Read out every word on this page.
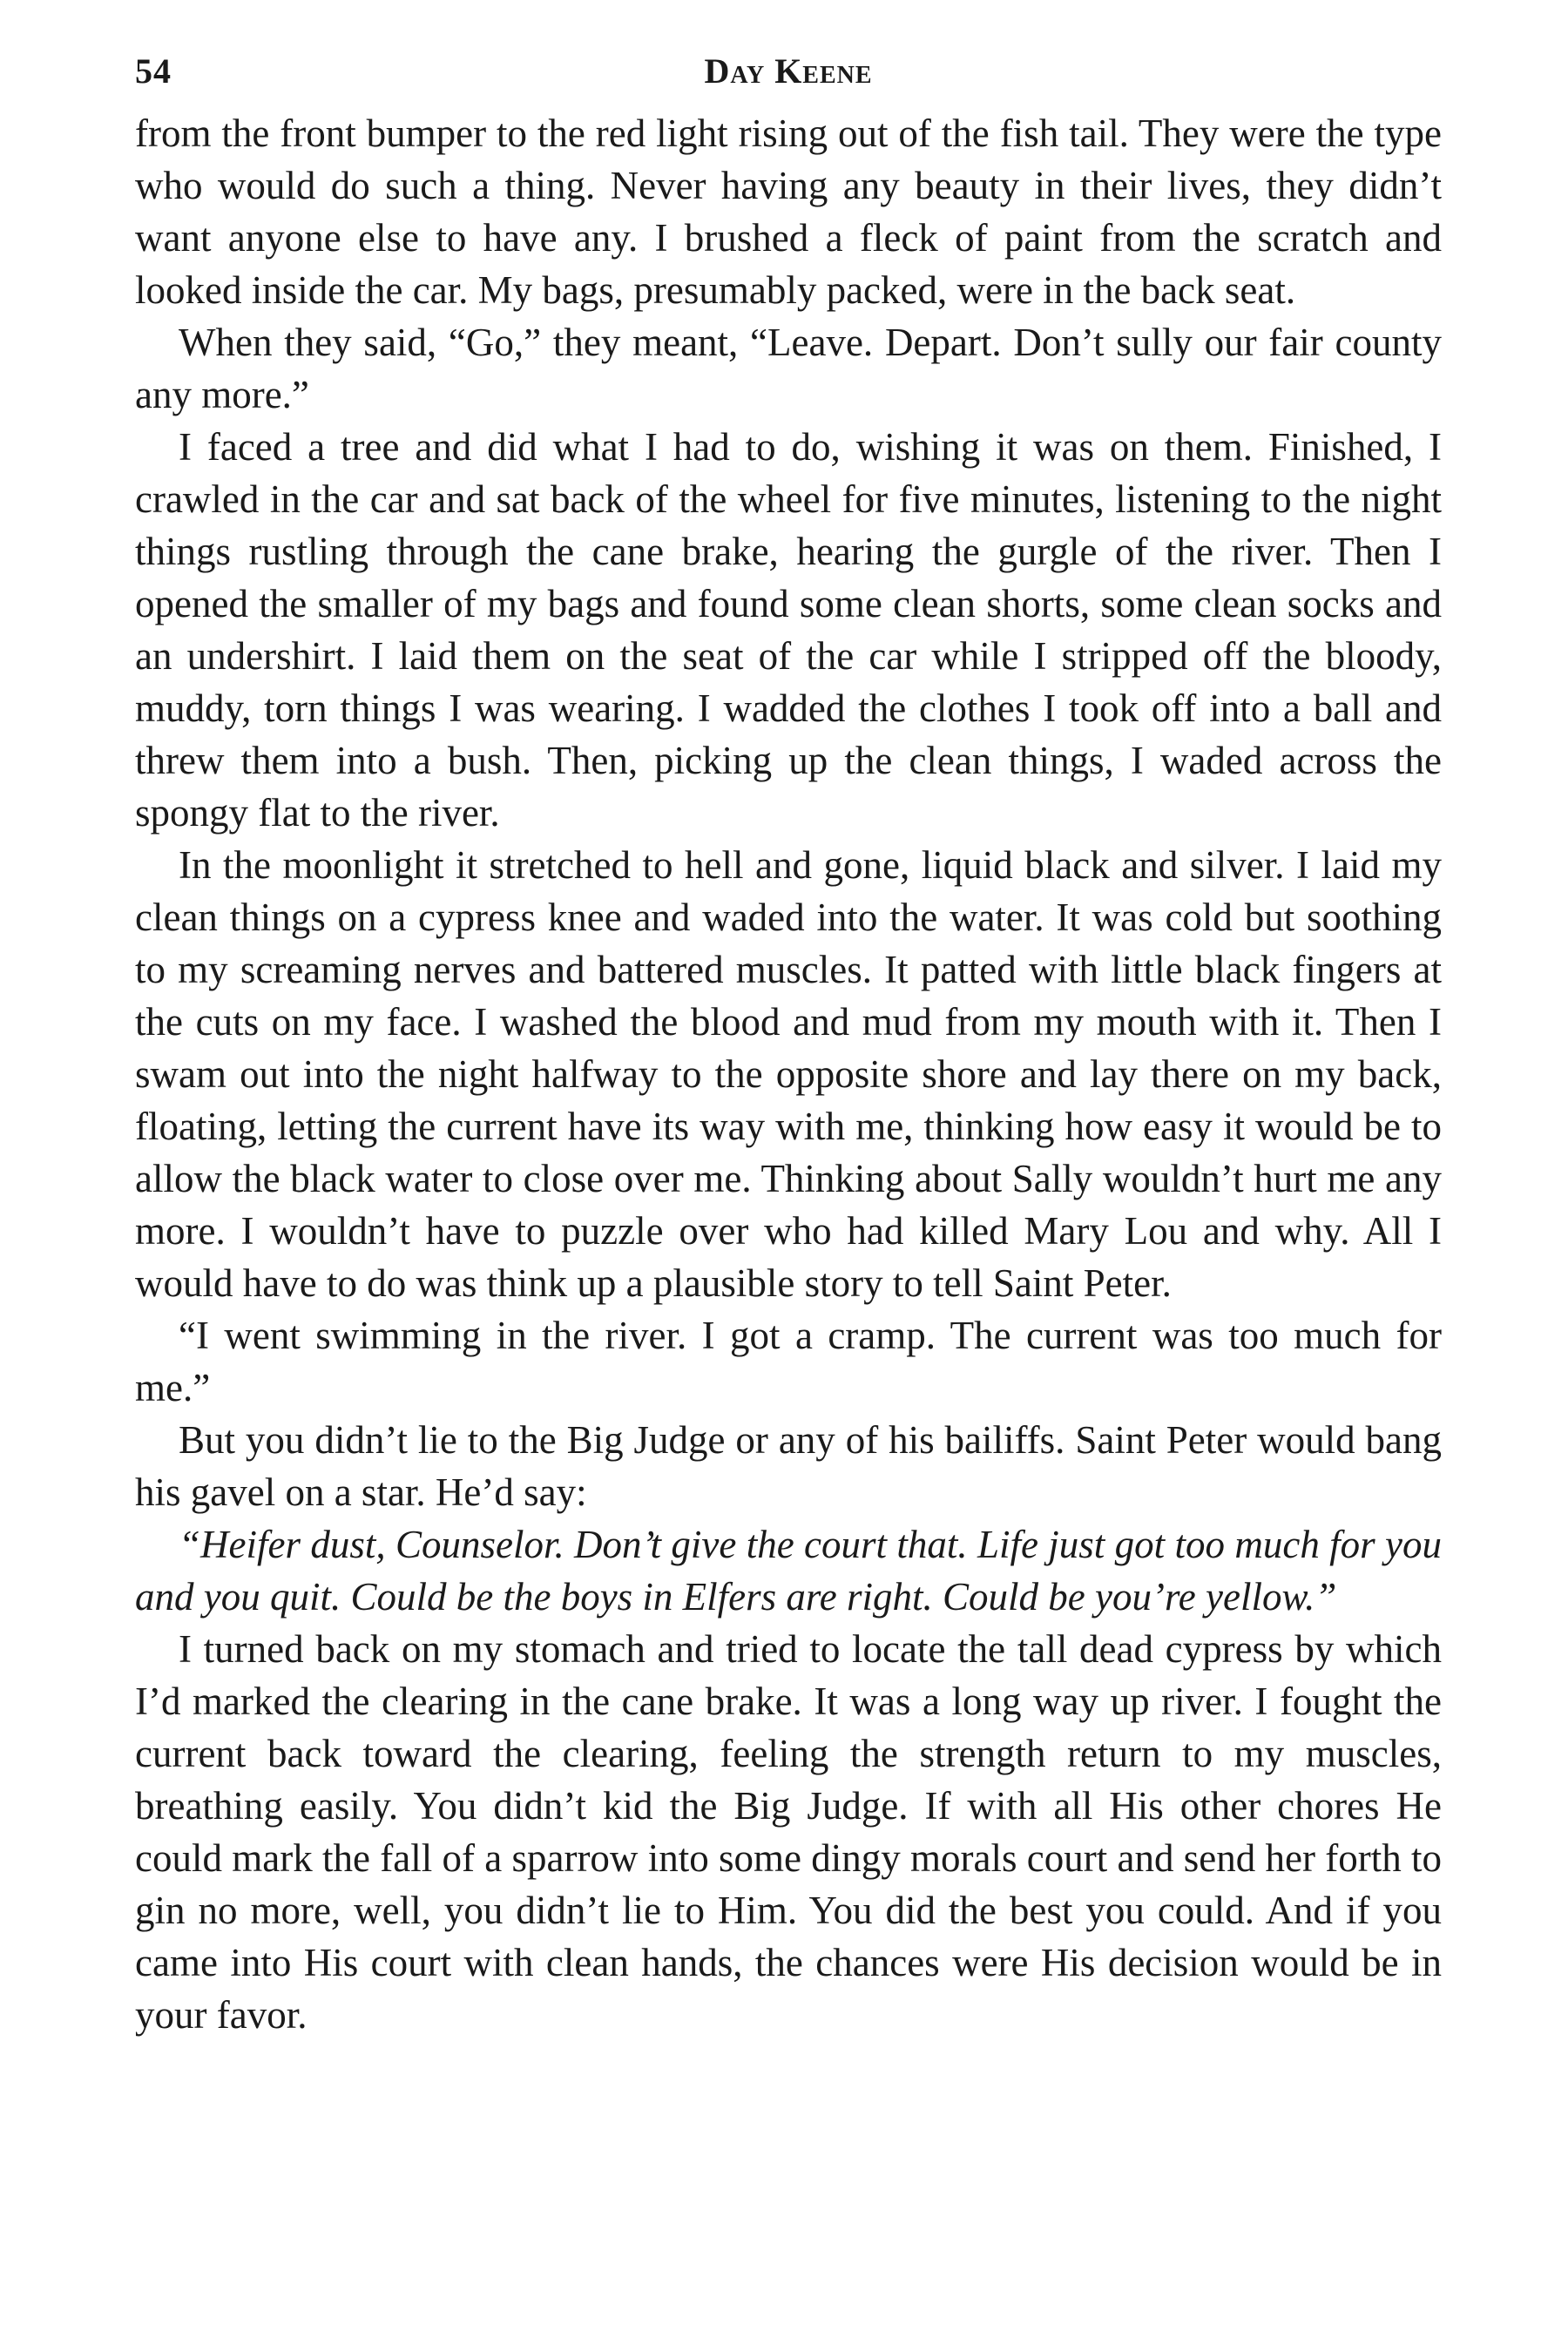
54	Day Keene

from the front bumper to the red light rising out of the fish tail. They were the type who would do such a thing. Never having any beauty in their lives, they didn’t want anyone else to have any. I brushed a fleck of paint from the scratch and looked inside the car. My bags, presumably packed, were in the back seat.

When they said, “Go,” they meant, “Leave. Depart. Don’t sully our fair county any more.”

I faced a tree and did what I had to do, wishing it was on them. Finished, I crawled in the car and sat back of the wheel for five minutes, listening to the night things rustling through the cane brake, hearing the gurgle of the river. Then I opened the smaller of my bags and found some clean shorts, some clean socks and an undershirt. I laid them on the seat of the car while I stripped off the bloody, muddy, torn things I was wearing. I wadded the clothes I took off into a ball and threw them into a bush. Then, picking up the clean things, I waded across the spongy flat to the river.

In the moonlight it stretched to hell and gone, liquid black and silver. I laid my clean things on a cypress knee and waded into the water. It was cold but soothing to my screaming nerves and battered muscles. It patted with little black fingers at the cuts on my face. I washed the blood and mud from my mouth with it. Then I swam out into the night halfway to the opposite shore and lay there on my back, floating, letting the current have its way with me, thinking how easy it would be to allow the black water to close over me. Thinking about Sally wouldn’t hurt me any more. I wouldn’t have to puzzle over who had killed Mary Lou and why. All I would have to do was think up a plausible story to tell Saint Peter.

“I went swimming in the river. I got a cramp. The current was too much for me.”

But you didn’t lie to the Big Judge or any of his bailiffs. Saint Peter would bang his gavel on a star. He’d say:

“Heifer dust, Counselor. Don’t give the court that. Life just got too much for you and you quit. Could be the boys in Elfers are right. Could be you’re yellow.”

I turned back on my stomach and tried to locate the tall dead cypress by which I’d marked the clearing in the cane brake. It was a long way up river. I fought the current back toward the clearing, feeling the strength return to my muscles, breathing easily. You didn’t kid the Big Judge. If with all His other chores He could mark the fall of a sparrow into some dingy morals court and send her forth to gin no more, well, you didn’t lie to Him. You did the best you could. And if you came into His court with clean hands, the chances were His decision would be in your favor.
